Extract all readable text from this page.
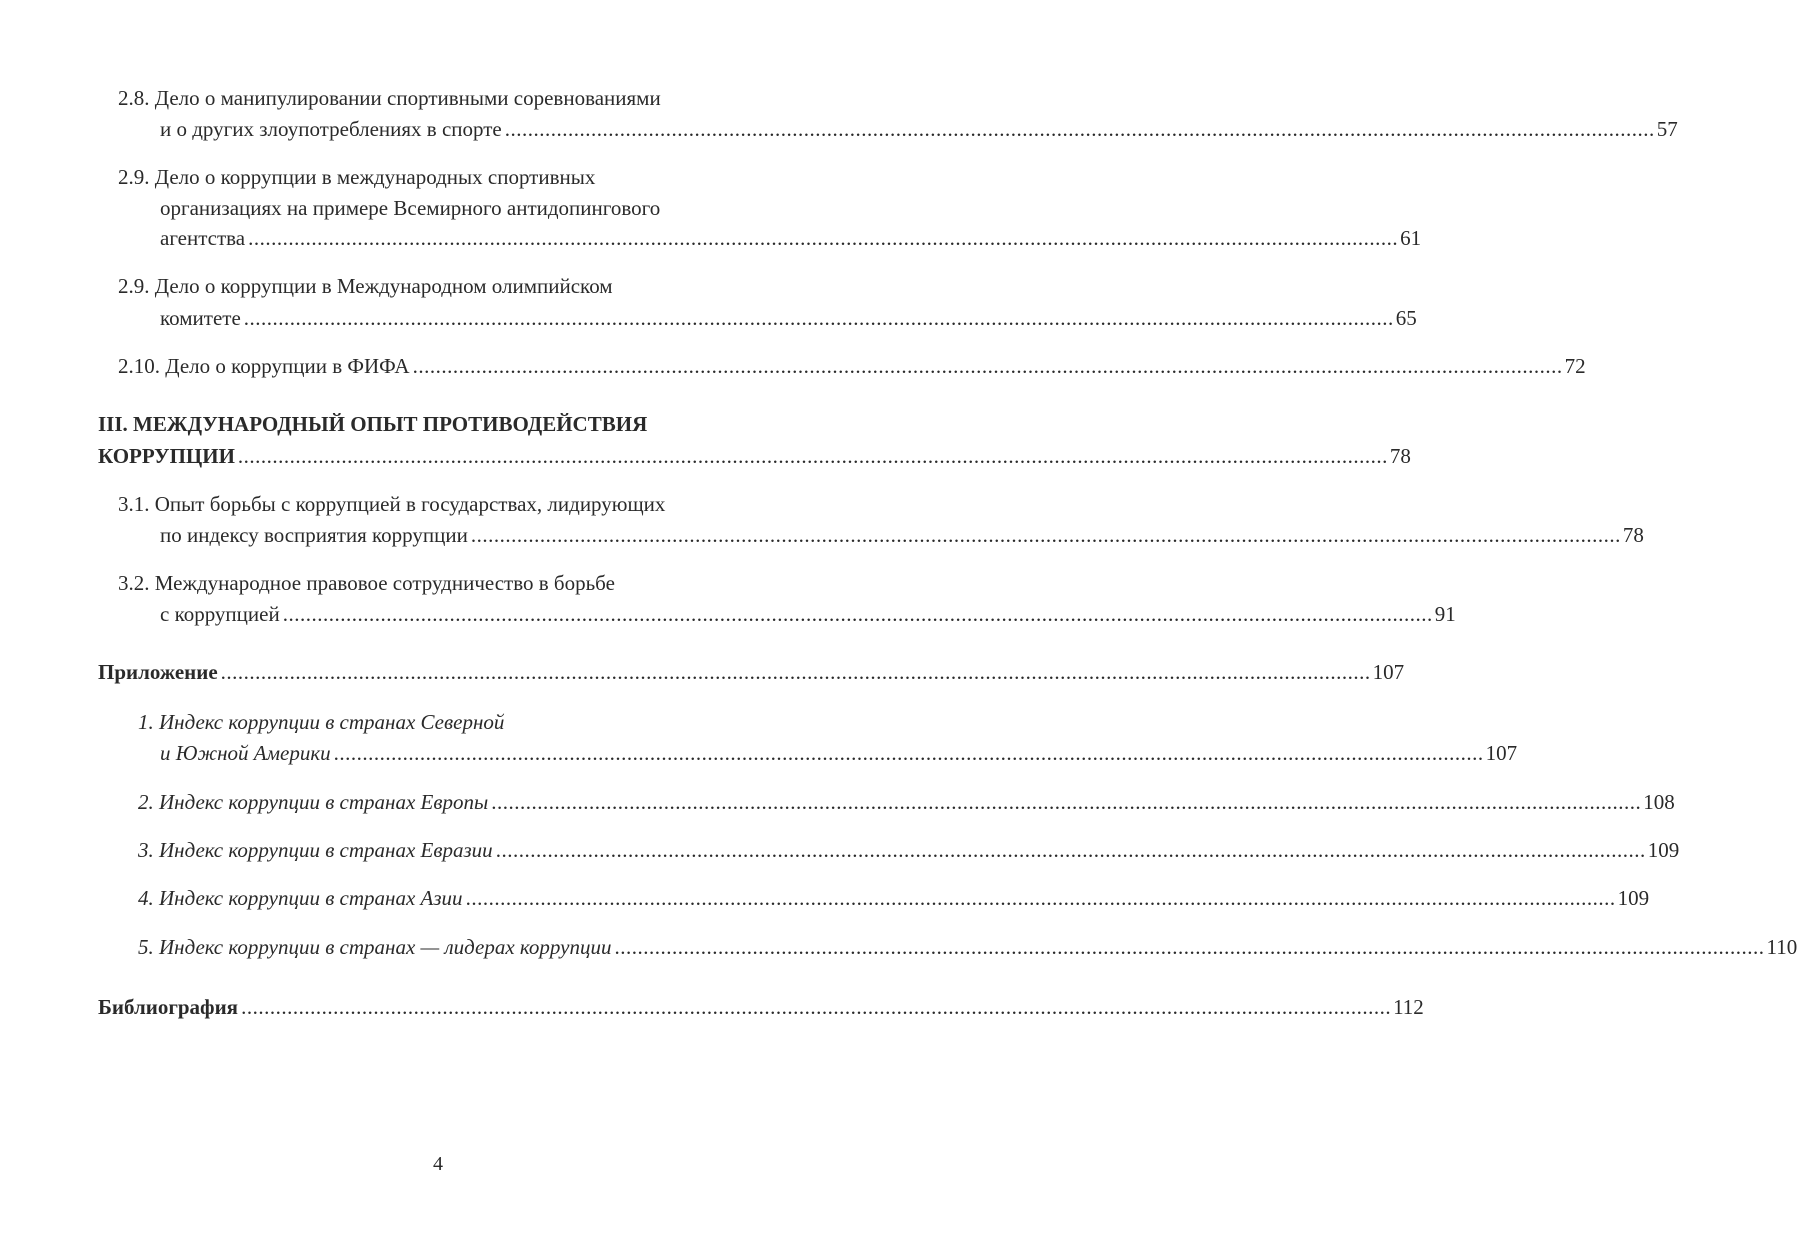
2.8. Дело о манипулировании спортивными соревнованиями
и о других злоупотреблениях в спорте ........................................................................................................................................................................................................ 57
2.9. Дело о коррупции в международных спортивных
организациях на примере Всемирного антидопингового
агентства ........................................................................................................................................................................................................ 61
2.9. Дело о коррупции в Международном олимпийском
комитете ........................................................................................................................................................................................................ 65
2.10. Дело о коррупции в ФИФА ........................................................................................................................................................................................................ 72
III. МЕЖДУНАРОДНЫЙ ОПЫТ ПРОТИВОДЕЙСТВИЯ
КОРРУПЦИИ ........................................................................................................................................................................................................ 78
3.1. Опыт борьбы с коррупцией в государствах, лидирующих
по индексу восприятия коррупции ........................................................................................................................................................................................................ 78
3.2. Международное правовое сотрудничество в борьбе
с коррупцией ........................................................................................................................................................................................................ 91
Приложение ........................................................................................................................................................................................................ 107
1. Индекс коррупции в странах Северной
и Южной Америки ........................................................................................................................................................................................................ 107
2. Индекс коррупции в странах Европы ........................................................................................................................................................................................................ 108
3. Индекс коррупции в странах Евразии ........................................................................................................................................................................................................ 109
4. Индекс коррупции в странах Азии ........................................................................................................................................................................................................ 109
5. Индекс коррупции в странах — лидерах коррупции ........................................................................................................................................................................................................ 110
Библиография ........................................................................................................................................................................................................ 112
4
